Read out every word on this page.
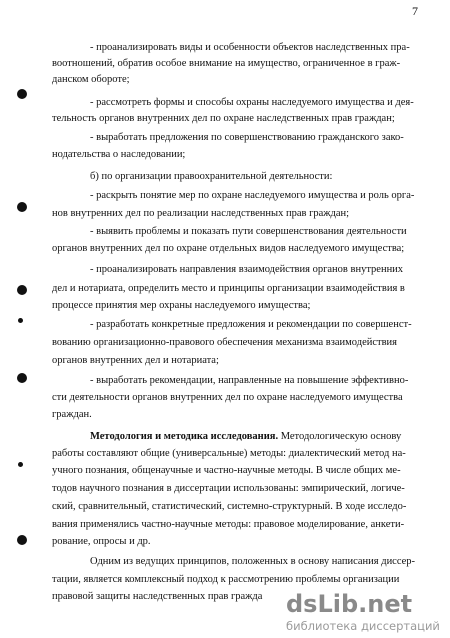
7
- проанализировать виды и особенности объектов наследственных пра-
воотношений, обратив особое внимание на имущество, ограниченное в граж-
данском обороте;
- рассмотреть формы и способы охраны наследуемого имущества и дея-
тельность органов внутренних дел по охране наследственных прав граждан;
- выработать предложения по совершенствованию гражданского зако-
нодательства о наследовании;
б) по организации правоохранительной деятельности:
- раскрыть понятие мер по охране наследуемого имущества и роль орга-
нов внутренних дел по реализации наследственных прав граждан;
- выявить проблемы и показать пути совершенствования деятельности
органов внутренних дел по охране отдельных видов наследуемого имущества;
- проанализировать направления взаимодействия органов внутренних
дел и нотариата, определить место и принципы организации взаимодействия в
процессе принятия мер охраны наследуемого имущества;
- разработать конкретные предложения и рекомендации по совершенст-
вованию организационно-правового обеспечения механизма взаимодействия
органов внутренних дел и нотариата;
- выработать рекомендации, направленные на повышение эффективно-
сти деятельности органов внутренних дел по охране наследуемого имущества
граждан.
Методология и методика исследования. Методологическую основу
работы составляют общие (универсальные) методы: диалектический метод на-
учного познания, общенаучные и частно-научные методы. В числе общих ме-
тодов научного познания в диссертации использованы: эмпирический, логиче-
ский, сравнительный, статистический, системно-структурный. В ходе исследо-
вания применялись частно-научные методы: правовое моделирование, анкети-
рование, опросы и др.
Одним из ведущих принципов, положенных в основу написания диссер-
тации, является комплексный подход к рассмотрению проблемы организации
правовой защиты наследственных прав гражда dsLib.net
библиотека диссертаций
